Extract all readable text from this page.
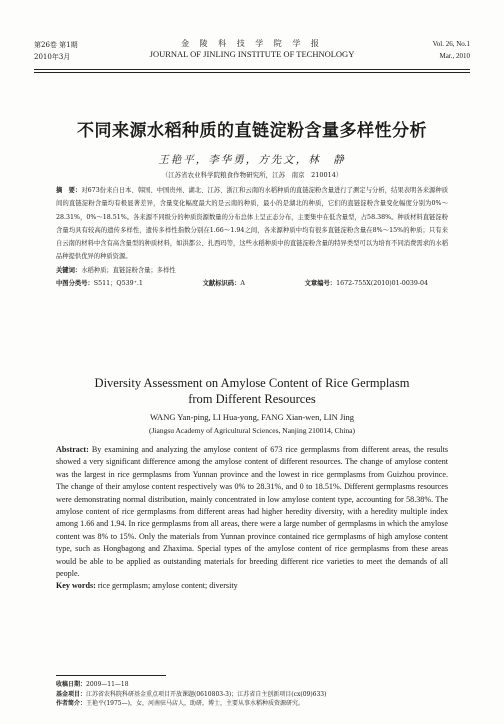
第26卷 第1期
2010年3月
金 陵 科 技 学 院 学 报
JOURNAL OF JINLING INSTITUTE OF TECHNOLOGY
Vol. 26, No.1
Mar., 2010
不同来源水稻种质的直链淀粉含量多样性分析
王艳平，李华勇，方先文，林　静
（江苏省农业科学院粮食作物研究所，江苏　南京　210014）

摘　要：对673份来自日本、韩国、中国贵州、湖北、江苏、浙江和云南的水稻种质的直链淀粉含量进行了测定与分析，结果表明各来源种质间的直链淀粉含量均有极显著差异，含量变化幅度最大的是云南的种质，最小的是湖北的种质，它们的直链淀粉含量变化幅度分别为0%～28.31%，0%～18.51%。各来源不同级分的种质资源数量的分布总体上呈正态分布，主要集中在低含量型，占58.38%。种质材料直链淀粉含量均具有较高的遗传多样性，遗传多样性指数分别在1.66～1.94之间，各来源种质中均有很多直链淀粉含量在8%～15%的种质；只有来自云南的材料中含有高含量型的种质材料，如洪都公、扎西玛等，这些水稻种质中的直链淀粉含量的特异类型可以为培育不同消费需求的水稻品种提供优异的种质资源。

关键词：水稻种质；直链淀粉含量；多样性

中图分类号：S511；Q539⁺.1	文献标识码：A	文章编号：1672-755X(2010)01-0039-04
Diversity Assessment on Amylose Content of Rice Germplasm
from Different Resources
WANG Yan-ping, LI Hua-yong, FANG Xian-wen, LIN Jing
(Jiangsu Academy of Agricultural Sciences, Nanjing 210014, China)

Abstract: By examining and analyzing the amylose content of 673 rice germplasms from different areas, the results showed a very significant difference among the amylose content of different resources. The change of amylose content was the largest in rice germplasms from Yunnan province and the lowest in rice germplasms from Guizhou province. The change of their amylose content respectively was 0% to 28.31%, and 0 to 18.51%. Different germplasms resources were demonstrating normal distribution, mainly concentrated in low amylose content type, accounting for 58.38%. The amylose content of rice germplasms from different areas had higher heredity diversity, with a heredity multiple index among 1.66 and 1.94. In rice germplasms from all areas, there were a large number of germplasms in which the amylose content was 8% to 15%. Only the materials from Yunnan province contained rice germplasms of high amylose content type, such as Hongbagong and Zhaxima. Special types of the amylose content of rice germplasms from these areas would be able to be applied as outstanding materials for breeding different rice varieties to meet the demands of all people.

Key words: rice germplasm; amylose content; diversity

收稿日期：2009—11—18

基金项目：江苏省农科院科研基金重点项目开放课题(0610803-3)；江苏省自主创新项目(cx(09)633)

作者简介：王艳平(1975—)，女，河南驻马店人，助研，博士，主要从事水稻种质资源研究。
